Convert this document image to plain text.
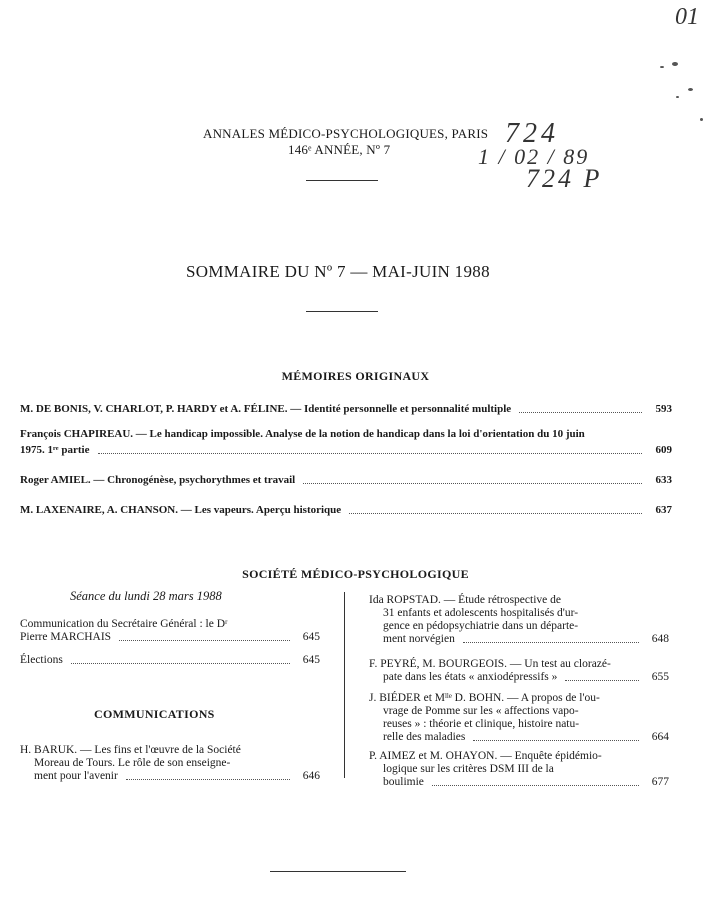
01
ANNALES MÉDICO-PSYCHOLOGIQUES, PARIS
146ᵉ ANNÉE, Nº 7
724
1 / 02 / 89
724 P
SOMMAIRE DU Nº 7 — MAI-JUIN 1988
MÉMOIRES ORIGINAUX
M. DE BONIS, V. CHARLOT, P. HARDY et A. FÉLINE. — Identité personnelle et personnalité multiple	593
François CHAPIREAU. — Le handicap impossible. Analyse de la notion de handicap dans la loi d'orientation du 10 juin
1975. 1ʳᵉ partie	609
Roger AMIEL. — Chronogénèse, psychorythmes et travail	633
M. LAXENAIRE, A. CHANSON. — Les vapeurs. Aperçu historique	637
SOCIÉTÉ MÉDICO-PSYCHOLOGIQUE
Séance du lundi 28 mars 1988
Communication du Secrétaire Général : le Dʳ
Pierre MARCHAIS	645
Élections	645
COMMUNICATIONS
H. BARUK. — Les fins et l'œuvre de la Société
Moreau de Tours. Le rôle de son enseigne-
ment pour l'avenir	646
Ida ROPSTAD. — Étude rétrospective de
31 enfants et adolescents hospitalisés d'ur-
gence en pédopsychiatrie dans un départe-
ment norvégien	648
F. PEYRÉ, M. BOURGEOIS. — Un test au clorazé-
pate dans les états « anxiodépressifs »	655
J. BIÉDER et Mˡˡᵉ D. BOHN. — A propos de l'ou-
vrage de Pomme sur les « affections vapo-
reuses » : théorie et clinique, histoire natu-
relle des maladies	664
P. AIMEZ et M. OHAYON. — Enquête épidémio-
logique sur les critères DSM III de la
boulimie	677
